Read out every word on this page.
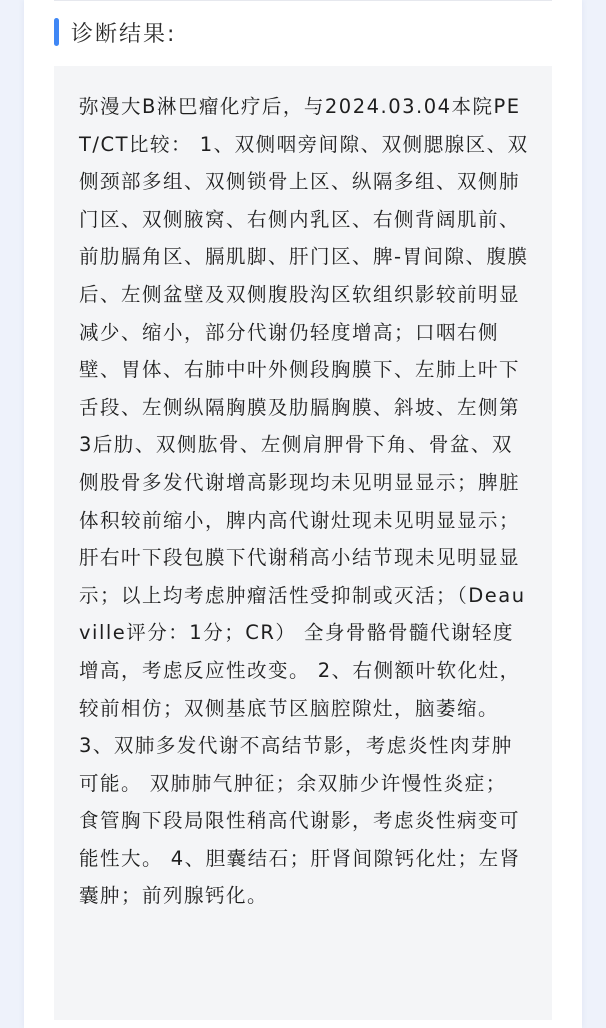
诊断结果:

弥漫大B淋巴瘤化疗后，与2024.03.04本院PET/CT比较： 1、双侧咽旁间隙、双侧腮腺区、双侧颈部多组、双侧锁骨上区、纵隔多组、双侧肺门区、双侧腋窝、右侧内乳区、右侧背阔肌前、前肋膈角区、膈肌脚、肝门区、脾-胃间隙、腹膜后、左侧盆壁及双侧腹股沟区软组织影较前明显减少、缩小，部分代谢仍轻度增高；口咽右侧壁、胃体、右肺中叶外侧段胸膜下、左肺上叶下舌段、左侧纵隔胸膜及肋膈胸膜、斜坡、左侧第3后肋、双侧肱骨、左侧肩胛骨下角、骨盆、双侧股骨多发代谢增高影现均未见明显显示；脾脏体积较前缩小，脾内高代谢灶现未见明显显示；肝右叶下段包膜下代谢稍高小结节现未见明显显示；以上均考虑肿瘤活性受抑制或灭活；（Deauville评分：1分；CR） 全身骨骼骨髓代谢轻度增高，考虑反应性改变。 2、右侧额叶软化灶，较前相仿；双侧基底节区脑腔隙灶，脑萎缩。 3、双肺多发代谢不高结节影，考虑炎性肉芽肿可能。 双肺肺气肿征；余双肺少许慢性炎症； 食管胸下段局限性稍高代谢影，考虑炎性病变可能性大。 4、胆囊结石；肝肾间隙钙化灶；左肾囊肿；前列腺钙化。
